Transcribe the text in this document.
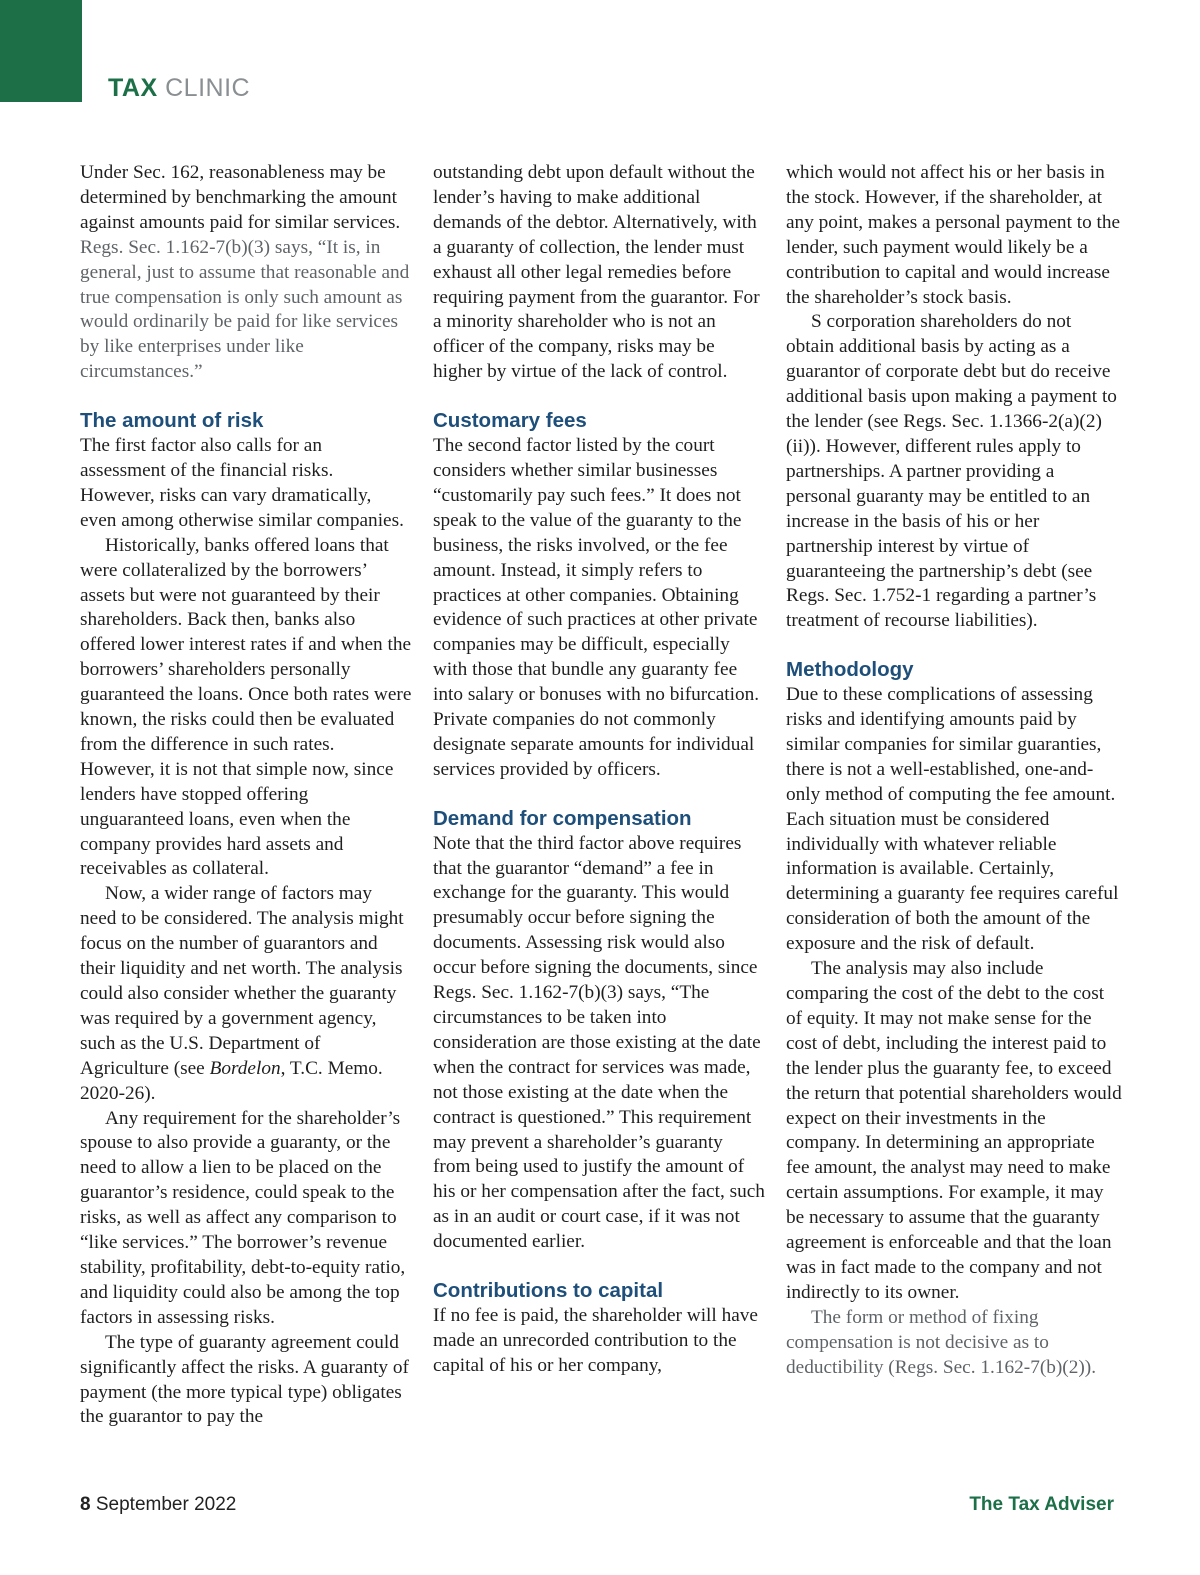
TAX CLINIC

Under Sec. 162, reasonableness may be determined by benchmarking the amount against amounts paid for similar services. Regs. Sec. 1.162-7(b)(3) says, “It is, in general, just to assume that reasonable and true compensation is only such amount as would ordinarily be paid for like services by like enterprises under like circumstances.”

The amount of risk

The first factor also calls for an assessment of the financial risks. However, risks can vary dramatically, even among otherwise similar companies.

Historically, banks offered loans that were collateralized by the borrowers’ assets but were not guaranteed by their shareholders. Back then, banks also offered lower interest rates if and when the borrowers’ shareholders personally guaranteed the loans. Once both rates were known, the risks could then be evaluated from the difference in such rates. However, it is not that simple now, since lenders have stopped offering unguaranteed loans, even when the company provides hard assets and receivables as collateral.

Now, a wider range of factors may need to be considered. The analysis might focus on the number of guarantors and their liquidity and net worth. The analysis could also consider whether the guaranty was required by a government agency, such as the U.S. Department of Agriculture (see Bordelon, T.C. Memo. 2020-26).

Any requirement for the shareholder’s spouse to also provide a guaranty, or the need to allow a lien to be placed on the guarantor’s residence, could speak to the risks, as well as affect any comparison to “like services.” The borrower’s revenue stability, profitability, debt-to-equity ratio, and liquidity could also be among the top factors in assessing risks.

The type of guaranty agreement could significantly affect the risks. A guaranty of payment (the more typical type) obligates the guarantor to pay the

outstanding debt upon default without the lender’s having to make additional demands of the debtor. Alternatively, with a guaranty of collection, the lender must exhaust all other legal remedies before requiring payment from the guarantor. For a minority shareholder who is not an officer of the company, risks may be higher by virtue of the lack of control.

Customary fees

The second factor listed by the court considers whether similar businesses “customarily pay such fees.” It does not speak to the value of the guaranty to the business, the risks involved, or the fee amount. Instead, it simply refers to practices at other companies. Obtaining evidence of such practices at other private companies may be difficult, especially with those that bundle any guaranty fee into salary or bonuses with no bifurcation. Private companies do not commonly designate separate amounts for individual services provided by officers.

Demand for compensation

Note that the third factor above requires that the guarantor “demand” a fee in exchange for the guaranty. This would presumably occur before signing the documents. Assessing risk would also occur before signing the documents, since Regs. Sec. 1.162-7(b)(3) says, “The circumstances to be taken into consideration are those existing at the date when the contract for services was made, not those existing at the date when the contract is questioned.” This requirement may prevent a shareholder’s guaranty from being used to justify the amount of his or her compensation after the fact, such as in an audit or court case, if it was not documented earlier.

Contributions to capital

If no fee is paid, the shareholder will have made an unrecorded contribution to the capital of his or her company,

which would not affect his or her basis in the stock. However, if the shareholder, at any point, makes a personal payment to the lender, such payment would likely be a contribution to capital and would increase the shareholder’s stock basis.

S corporation shareholders do not obtain additional basis by acting as a guarantor of corporate debt but do receive additional basis upon making a payment to the lender (see Regs. Sec. 1.1366-2(a)(2)(ii)). However, different rules apply to partnerships. A partner providing a personal guaranty may be entitled to an increase in the basis of his or her partnership interest by virtue of guaranteeing the partnership’s debt (see Regs. Sec. 1.752-1 regarding a partner’s treatment of recourse liabilities).

Methodology

Due to these complications of assessing risks and identifying amounts paid by similar companies for similar guaranties, there is not a well-established, one-and-only method of computing the fee amount. Each situation must be considered individually with whatever reliable information is available. Certainly, determining a guaranty fee requires careful consideration of both the amount of the exposure and the risk of default.

The analysis may also include comparing the cost of the debt to the cost of equity. It may not make sense for the cost of debt, including the interest paid to the lender plus the guaranty fee, to exceed the return that potential shareholders would expect on their investments in the company. In determining an appropriate fee amount, the analyst may need to make certain assumptions. For example, it may be necessary to assume that the guaranty agreement is enforceable and that the loan was in fact made to the company and not indirectly to its owner.

The form or method of fixing compensation is not decisive as to deductibility (Regs. Sec. 1.162-7(b)(2)).

8 September 2022	The Tax Adviser
